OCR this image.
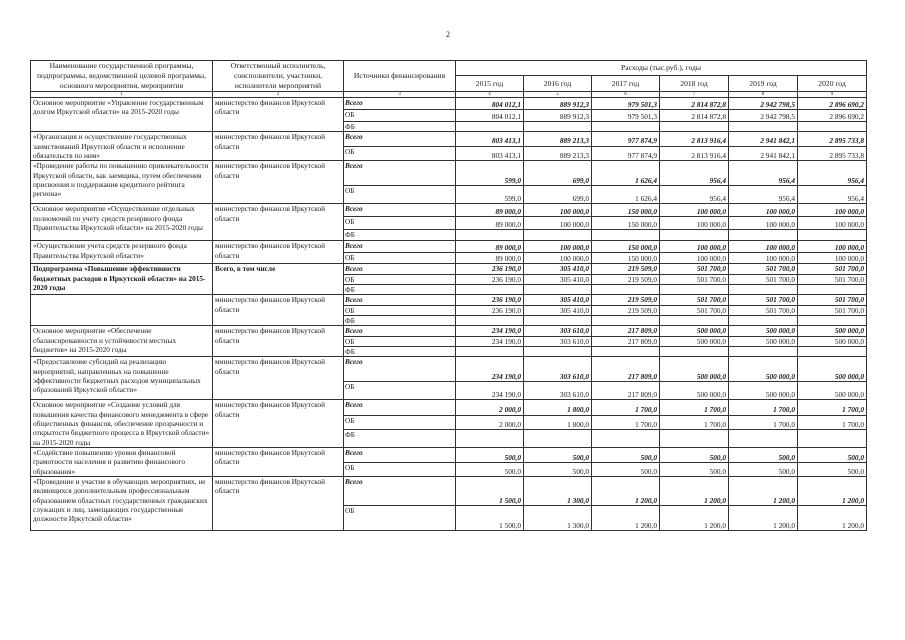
2
Наименование государственной программы, подпрограммы, ведомственной целевой программы, основного мероприятия, мероприятия	Ответственный исполнитель, соисполнители, участники, исполнители мероприятий	Источники финансирования	Расходы (тыс.руб.), годы					
			2015 год	2016 год	2017 год	2018 год	2019 год	2020 год
1	2	3	4	5	6	7	8	9
Основное мероприятие «Управление государственным долгом Иркутской области» на 2015-2020 годы	министерство финансов Иркутской области	Всего	804 012,1	889 912,3	979 501,3	2 814 872,8	2 942 798,5	2 896 690,2
		ОБ	804 012,1	889 912,3	979 501,3	2 814 872,8	2 942 798,5	2 896 690,2
		ФБ						
«Организация и осуществление государственных заимствований Иркутской области и исполнение обязательств по ним»	министерство финансов Иркутской области	Всего	803 413,1	889 213,3	977 874,9	2 813 916,4	2 941 842,1	2 895 733,8
		ОБ	803 413,1	889 213,3	977 874,9	2 813 916,4	2 941 842,1	2 895 733,8
«Проведение работы по повышению привлекательности Иркутской области, как заемщика, путем обеспечения присвоения и поддержания кредитного рейтинга региона»	министерство финансов Иркутской области	Всего	599,0	699,0	1 626,4	956,4	956,4	956,4
		ОБ	599,0	699,0	1 626,4	956,4	956,4	956,4
Основное мероприятие «Осуществление отдельных полномочий по учету средств резервного фонда Правительства Иркутской области» на 2015-2020 годы	министерство финансов Иркутской области	Всего	89 000,0	100 000,0	150 000,0	100 000,0	100 000,0	100 000,0
		ОБ	89 000,0	100 000,0	150 000,0	100 000,0	100 000,0	100 000,0
		ФБ						
«Осуществление учета средств резервного фонда Правительства Иркутской области»	министерство финансов Иркутской области	Всего	89 000,0	100 000,0	150 000,0	100 000,0	100 000,0	100 000,0
		ОБ	89 000,0	100 000,0	150 000,0	100 000,0	100 000,0	100 000,0
Подпрограмма «Повышение эффективности бюджетных расходов в Иркутской области» на 2015-2020 годы	Всего, в том числе	Всего	236 190,0	305 410,0	219 509,0	501 700,0	501 700,0	501 700,0
		ОБ	236 190,0	305 410,0	219 509,0	501 700,0	501 700,0	501 700,0
		ФБ						
	министерство финансов Иркутской области	Всего	236 190,0	305 410,0	219 509,0	501 700,0	501 700,0	501 700,0
		ОБ	236 190,0	305 410,0	219 509,0	501 700,0	501 700,0	501 700,0
		ФБ						
Основное мероприятие «Обеспечение сбалансированности и устойчивости местных бюджетов» на 2015-2020 годы	министерство финансов Иркутской области	Всего	234 190,0	303 610,0	217 809,0	500 000,0	500 000,0	500 000,0
		ОБ	234 190,0	303 610,0	217 809,0	500 000,0	500 000,0	500 000,0
		ФБ						
«Предоставление субсидий на реализацию мероприятий, направленных на повышение эффективности бюджетных расходов муниципальных образований Иркутской области»	министерство финансов Иркутской области	Всего	234 190,0	303 610,0	217 809,0	500 000,0	500 000,0	500 000,0
		ОБ	234 190,0	303 610,0	217 809,0	500 000,0	500 000,0	500 000,0
Основное мероприятие «Создание условий для повышения качества финансового менеджмента в сфере общественных финансов, обеспечение прозрачности и открытости бюджетного процесса в Иркутской области» на 2015-2020 годы	министерство финансов Иркутской области	Всего	2 000,0	1 800,0	1 700,0	1 700,0	1 700,0	1 700,0
		ОБ	2 000,0	1 800,0	1 700,0	1 700,0	1 700,0	1 700,0
		ФБ						
«Содействие повышению уровня финансовой грамотности населения и развитию финансового образования»	министерство финансов Иркутской области	Всего	500,0	500,0	500,0	500,0	500,0	500,0
		ОБ	500,0	500,0	500,0	500,0	500,0	500,0
«Проведение и участие в обучающих мероприятиях, не являющихся дополнительным профессиональным образованием областных государственных гражданских служащих и лиц, замещающих государственные должности Иркутской области»	министерство финансов Иркутской области	Всего	1 500,0	1 300,0	1 200,0	1 200,0	1 200,0	1 200,0
		ОБ	1 500,0	1 300,0	1 200,0	1 200,0	1 200,0	1 200,0
